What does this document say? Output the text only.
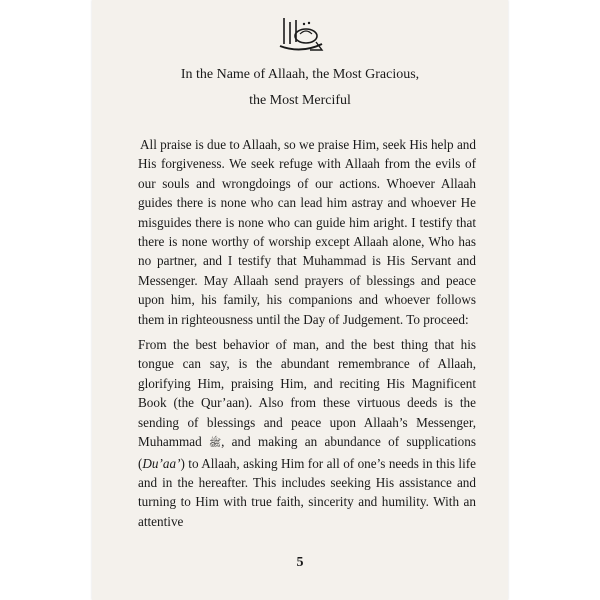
In the Name of Allaah, the Most Gracious,
the Most Merciful

All praise is due to Allaah, so we praise Him, seek His help and His forgiveness. We seek refuge with Allaah from the evils of our souls and wrongdoings of our actions. Whoever Allaah guides there is none who can lead him astray and whoever He misguides there is none who can guide him aright. I testify that there is none worthy of worship except Allaah alone, Who has no partner, and I testify that Muhammad is His Servant and Messenger. May Allaah send prayers of blessings and peace upon him, his family, his companions and whoever follows them in righteousness until the Day of Judgement. To proceed:

From the best behavior of man, and the best thing that his tongue can say, is the abundant remembrance of Allaah, glorifying Him, praising Him, and reciting His Magnificent Book (the Qur’aan). Also from these virtuous deeds is the sending of blessings and peace upon Allaah’s Messenger, Muhammad ﷺ, and making an abundance of supplications (Du’aa’) to Allaah, asking Him for all of one’s needs in this life and in the hereafter. This includes seeking His assistance and turning to Him with true faith, sincerity and humility. With an attentive

5
